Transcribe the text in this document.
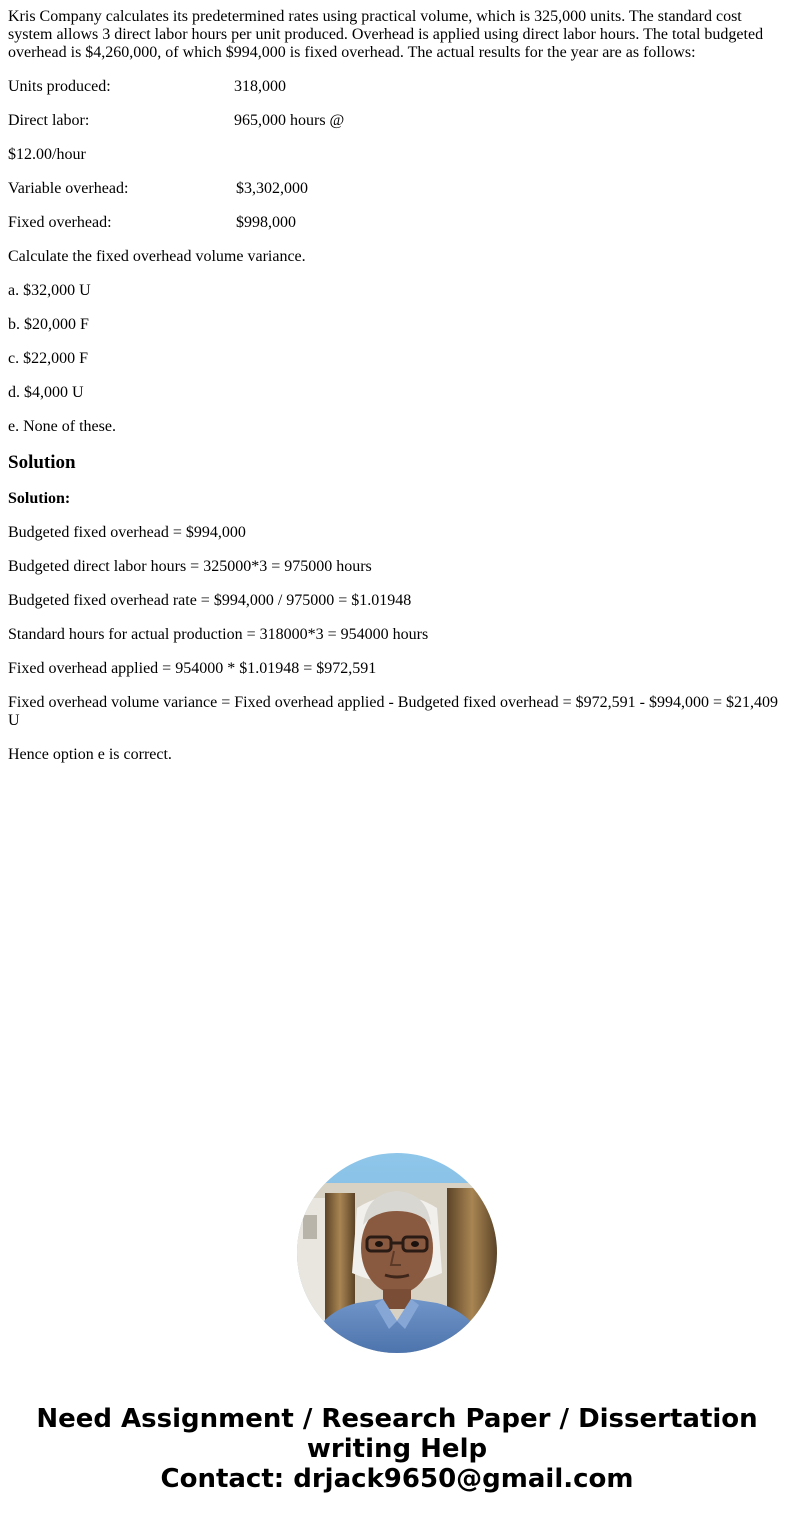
Kris Company calculates its predetermined rates using practical volume, which is 325,000 units. The standard cost system allows 3 direct labor hours per unit produced. Overhead is applied using direct labor hours. The total budgeted overhead is $4,260,000, of which $994,000 is fixed overhead. The actual results for the year are as follows:

Units produced:	318,000
Direct labor:	965,000 hours @

$12.00/hour

Variable overhead:	$3,302,000
Fixed overhead:	$998,000

Calculate the fixed overhead volume variance.

a. $32,000 U

b. $20,000 F

c. $22,000 F

d. $4,000 U

e. None of these.

Solution

Solution:

Budgeted fixed overhead = $994,000

Budgeted direct labor hours = 325000*3 = 975000 hours

Budgeted fixed overhead rate = $994,000 / 975000 = $1.01948

Standard hours for actual production = 318000*3 = 954000 hours

Fixed overhead applied = 954000 * $1.01948 = $972,591

Fixed overhead volume variance = Fixed overhead applied - Budgeted fixed overhead = $972,591 - $994,000 = $21,409 U

Hence option e is correct.

Need Assignment / Research Paper / Dissertation
writing Help
Contact: drjack9650@gmail.com
